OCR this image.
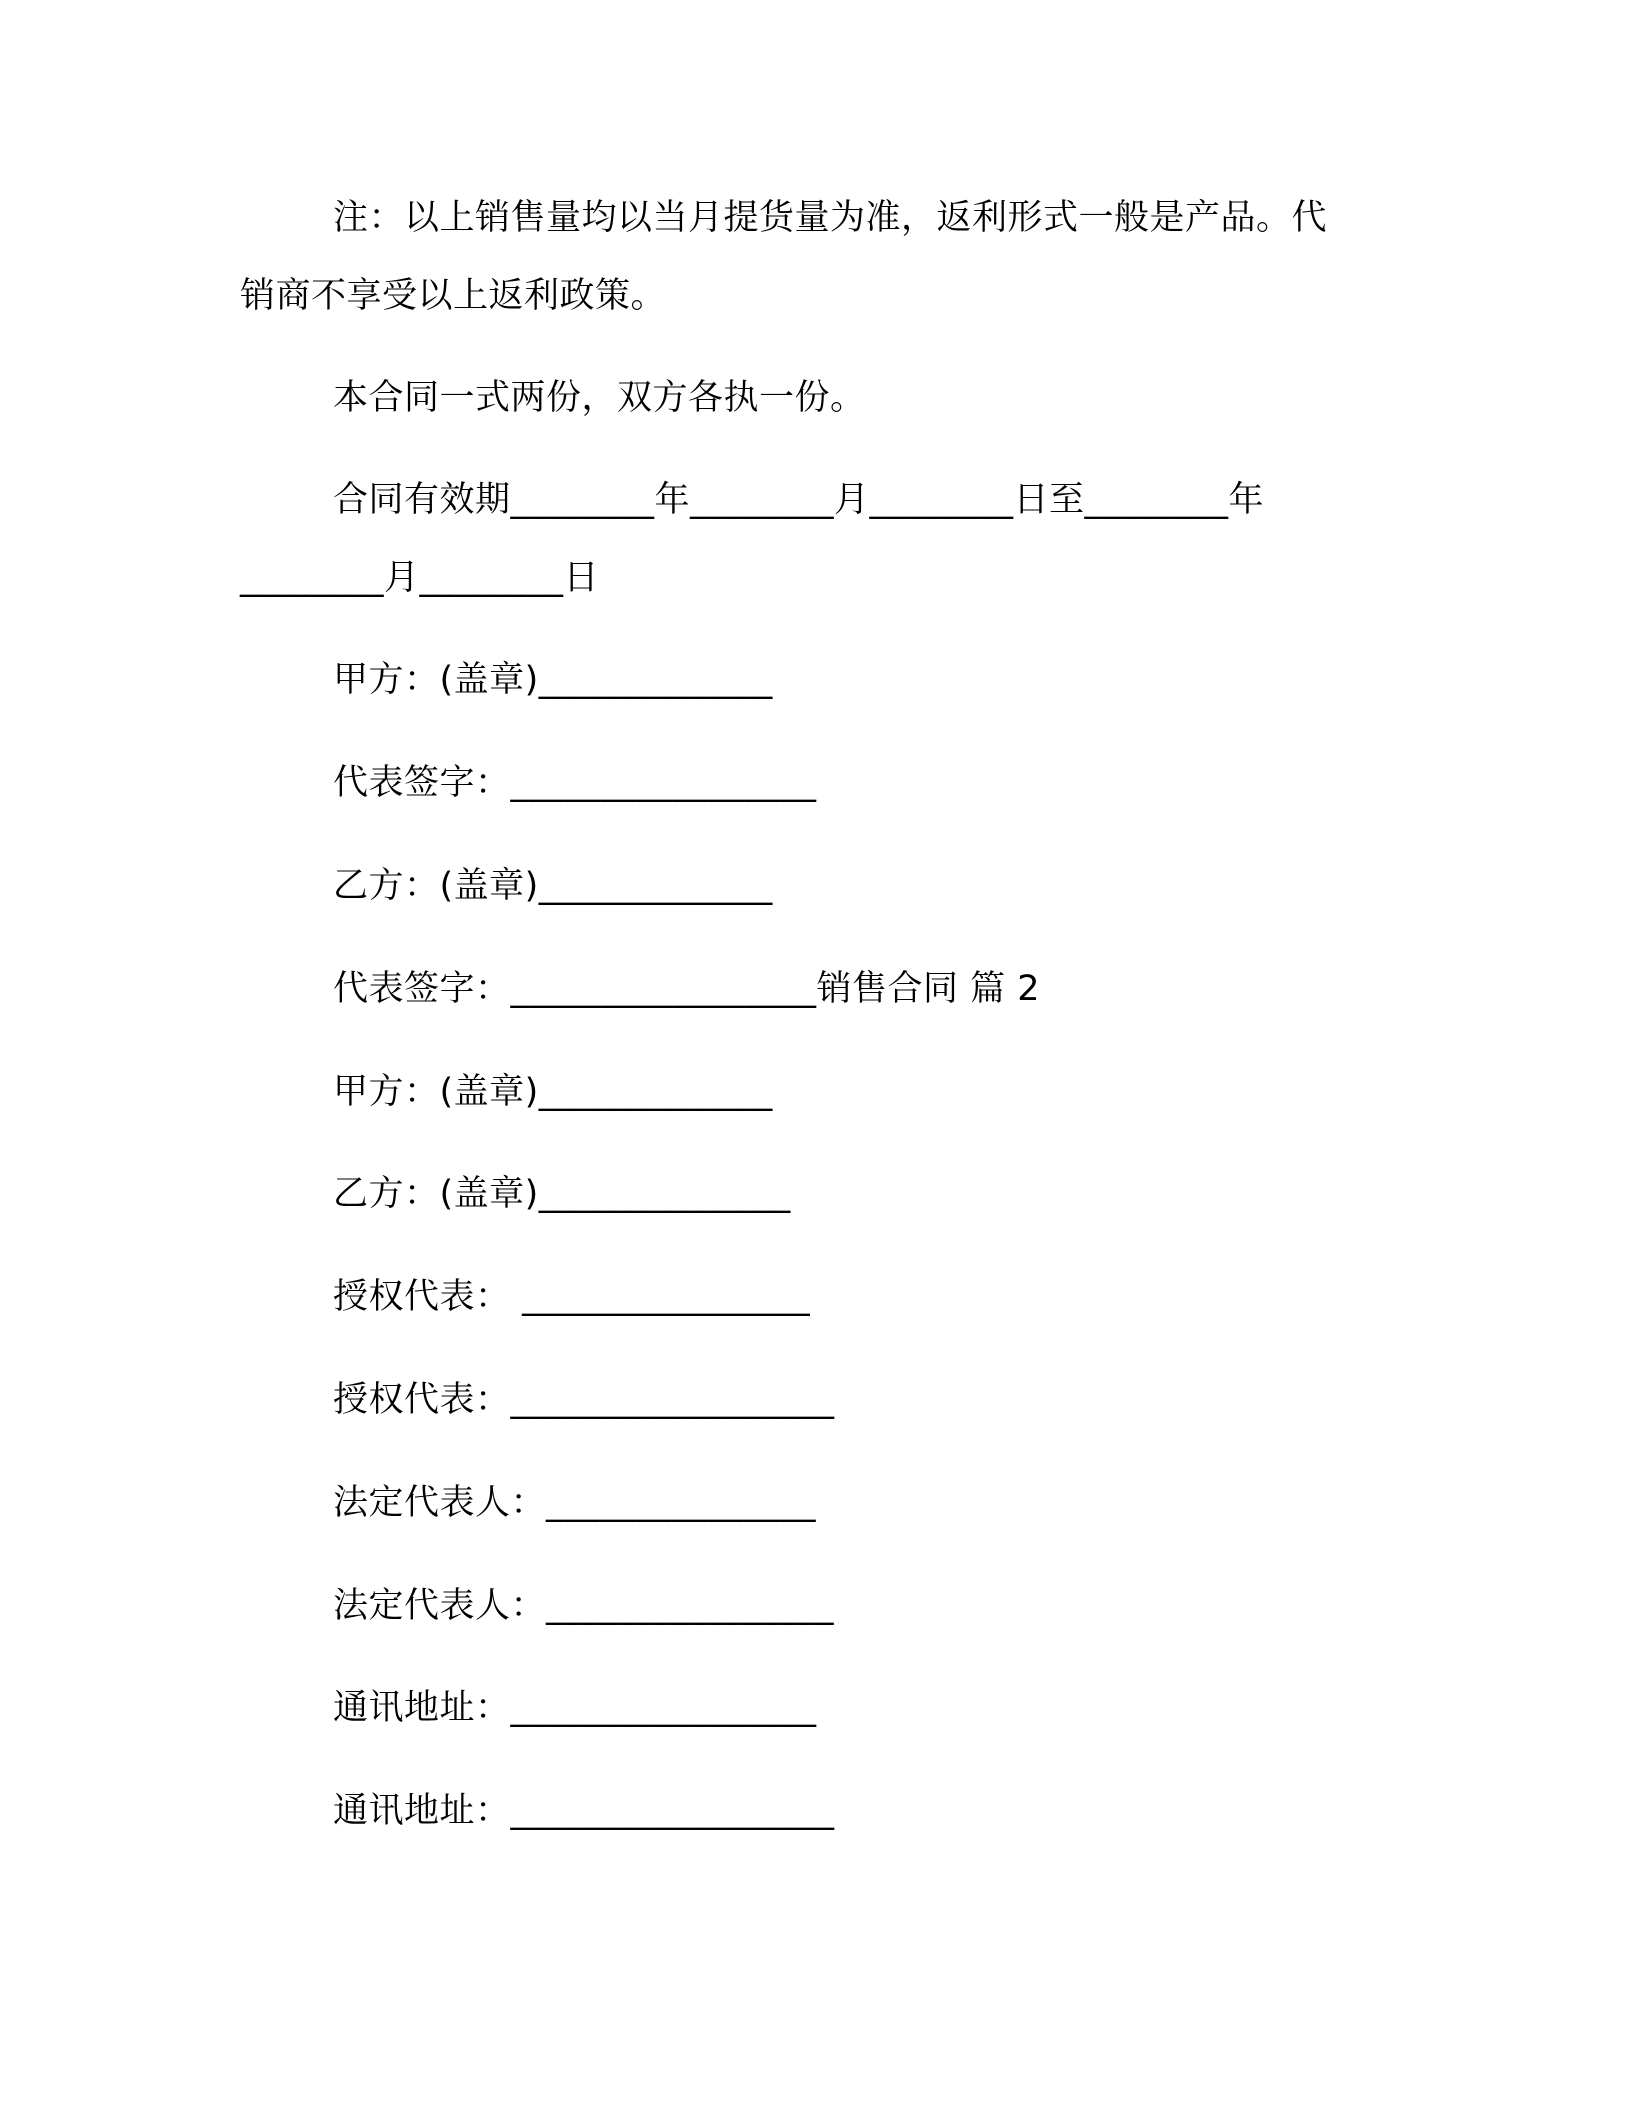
注：以上销售量均以当月提货量为准，返利形式一般是产品。代
销商不享受以上返利政策。
本合同一式两份，双方各执一份。
合同有效期________年________月________日至________年
________月________日
甲方：(盖章)_____________
代表签字：_________________
乙方：(盖章)_____________
代表签字：_________________销售合同 篇 2
甲方：(盖章)_____________
乙方：(盖章)______________
授权代表： ________________
授权代表：__________________
法定代表人：_______________
法定代表人：________________
通讯地址：_________________
通讯地址：__________________
